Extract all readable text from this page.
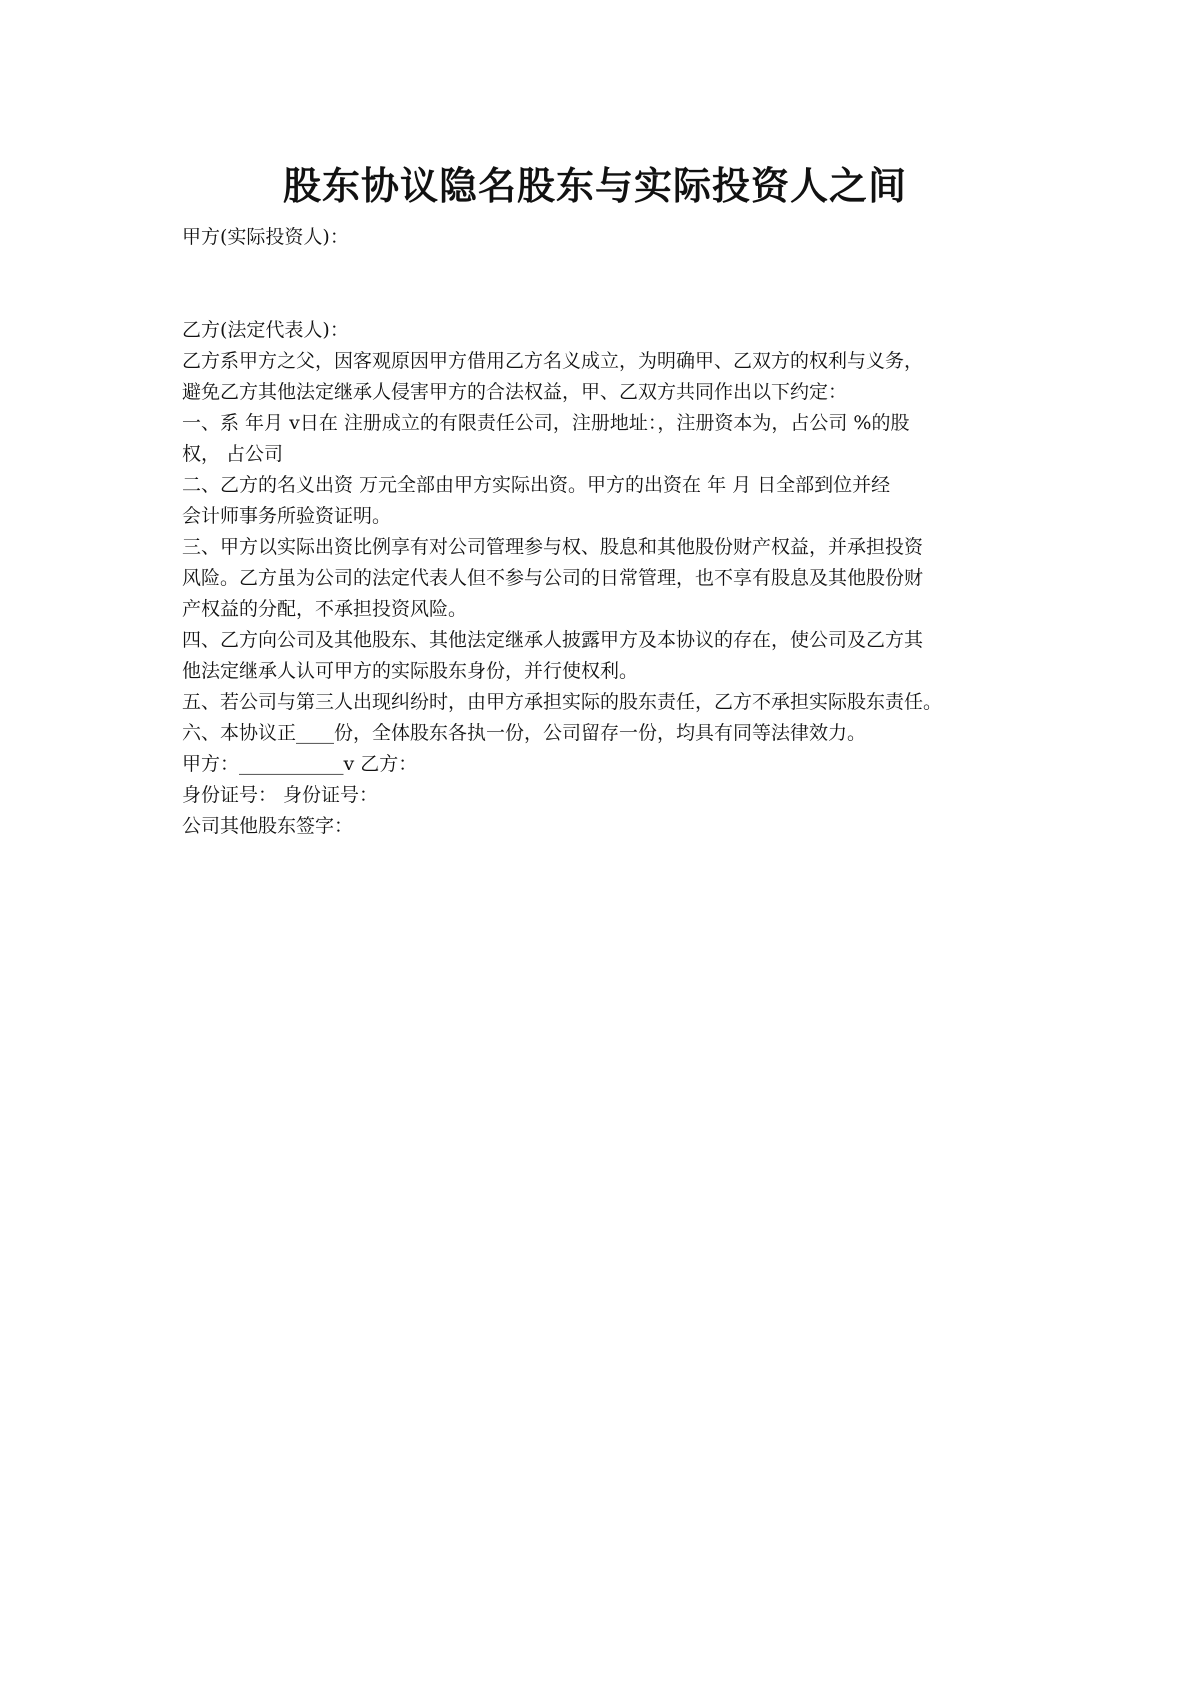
股东协议隐名股东与实际投资人之间
甲方(实际投资人)：
乙方(法定代表人)：
乙方系甲方之父，因客观原因甲方借用乙方名义成立，为明确甲、乙双方的权利与义务，
避免乙方其他法定继承人侵害甲方的合法权益，甲、乙双方共同作出以下约定：
一、系 年月 v日在 注册成立的有限责任公司，注册地址：，注册资本为，占公司 %的股
权， 占公司
二、乙方的名义出资 万元全部由甲方实际出资。甲方的出资在 年 月 日全部到位并经
会计师事务所验资证明。
三、甲方以实际出资比例享有对公司管理参与权、股息和其他股份财产权益，并承担投资
风险。乙方虽为公司的法定代表人但不参与公司的日常管理，也不享有股息及其他股份财
产权益的分配，不承担投资风险。
四、乙方向公司及其他股东、其他法定继承人披露甲方及本协议的存在，使公司及乙方其
他法定继承人认可甲方的实际股东身份，并行使权利。
五、若公司与第三人出现纠纷时，由甲方承担实际的股东责任，乙方不承担实际股东责任。
六、本协议正____份，全体股东各执一份，公司留存一份，均具有同等法律效力。
甲方：___________v 乙方：
身份证号： 身份证号：
公司其他股东签字：
